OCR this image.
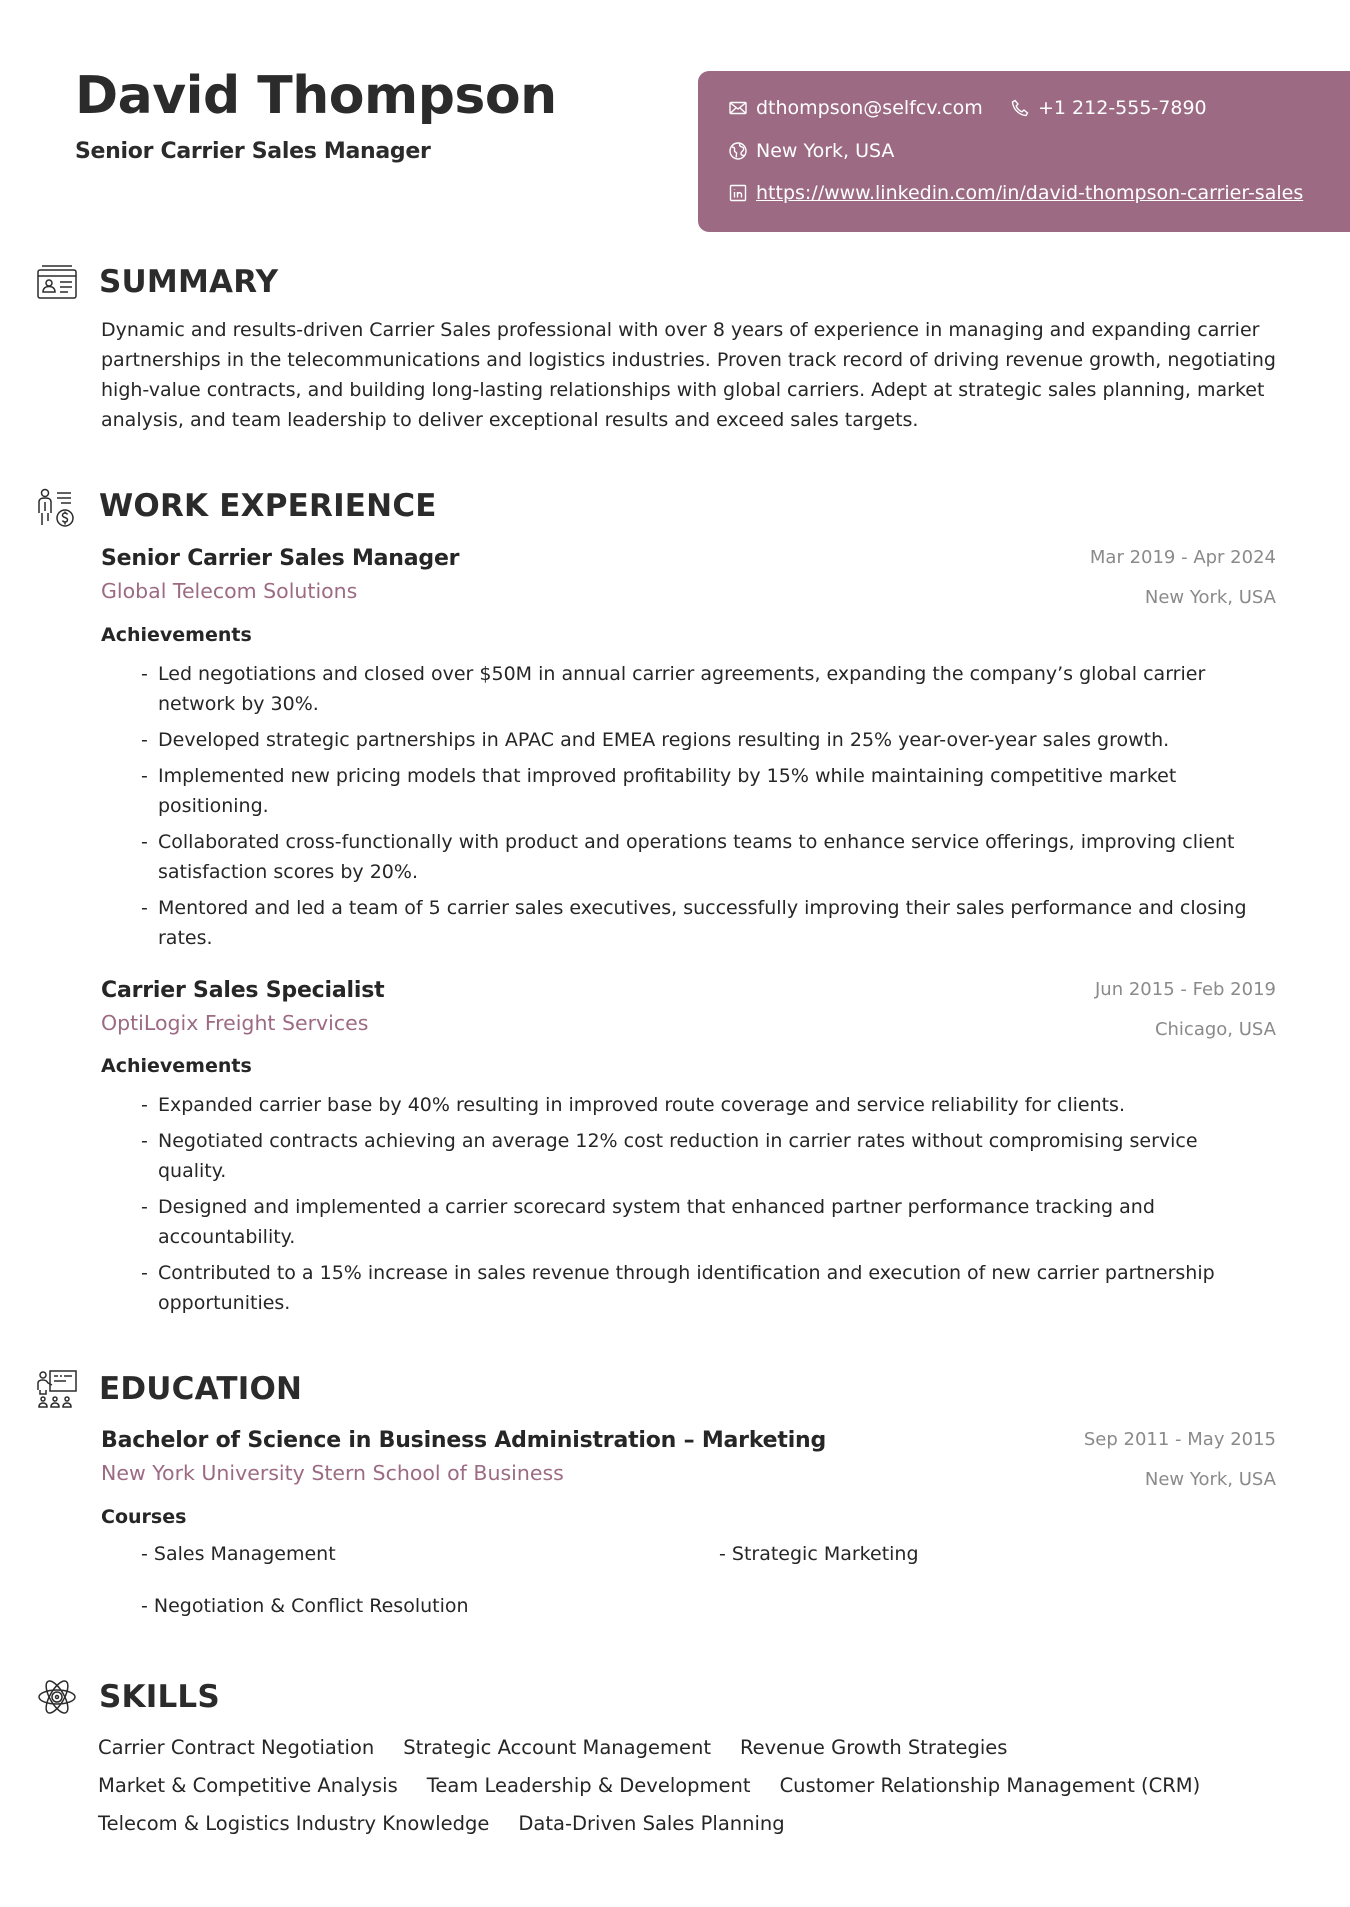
David Thompson
Senior Carrier Sales Manager
dthompson@selfcv.com	+1 212-555-7890
New York, USA
https://www.linkedin.com/in/david-thompson-carrier-sales
SUMMARY
Dynamic and results-driven Carrier Sales professional with over 8 years of experience in managing and expanding carrier partnerships in the telecommunications and logistics industries. Proven track record of driving revenue growth, negotiating high-value contracts, and building long-lasting relationships with global carriers. Adept at strategic sales planning, market analysis, and team leadership to deliver exceptional results and exceed sales targets.
WORK EXPERIENCE
Senior Carrier Sales Manager	Mar 2019 - Apr 2024
Global Telecom Solutions	New York, USA
Achievements
- Led negotiations and closed over $50M in annual carrier agreements, expanding the company’s global carrier network by 30%.
- Developed strategic partnerships in APAC and EMEA regions resulting in 25% year-over-year sales growth.
- Implemented new pricing models that improved profitability by 15% while maintaining competitive market positioning.
- Collaborated cross-functionally with product and operations teams to enhance service offerings, improving client satisfaction scores by 20%.
- Mentored and led a team of 5 carrier sales executives, successfully improving their sales performance and closing rates.
Carrier Sales Specialist	Jun 2015 - Feb 2019
OptiLogix Freight Services	Chicago, USA
Achievements
- Expanded carrier base by 40% resulting in improved route coverage and service reliability for clients.
- Negotiated contracts achieving an average 12% cost reduction in carrier rates without compromising service quality.
- Designed and implemented a carrier scorecard system that enhanced partner performance tracking and accountability.
- Contributed to a 15% increase in sales revenue through identification and execution of new carrier partnership opportunities.
EDUCATION
Bachelor of Science in Business Administration – Marketing	Sep 2011 - May 2015
New York University Stern School of Business	New York, USA
Courses
- Sales Management	- Strategic Marketing
- Negotiation & Conflict Resolution
SKILLS
Carrier Contract Negotiation Strategic Account Management Revenue Growth Strategies
Market & Competitive Analysis Team Leadership & Development Customer Relationship Management (CRM)
Telecom & Logistics Industry Knowledge Data-Driven Sales Planning
